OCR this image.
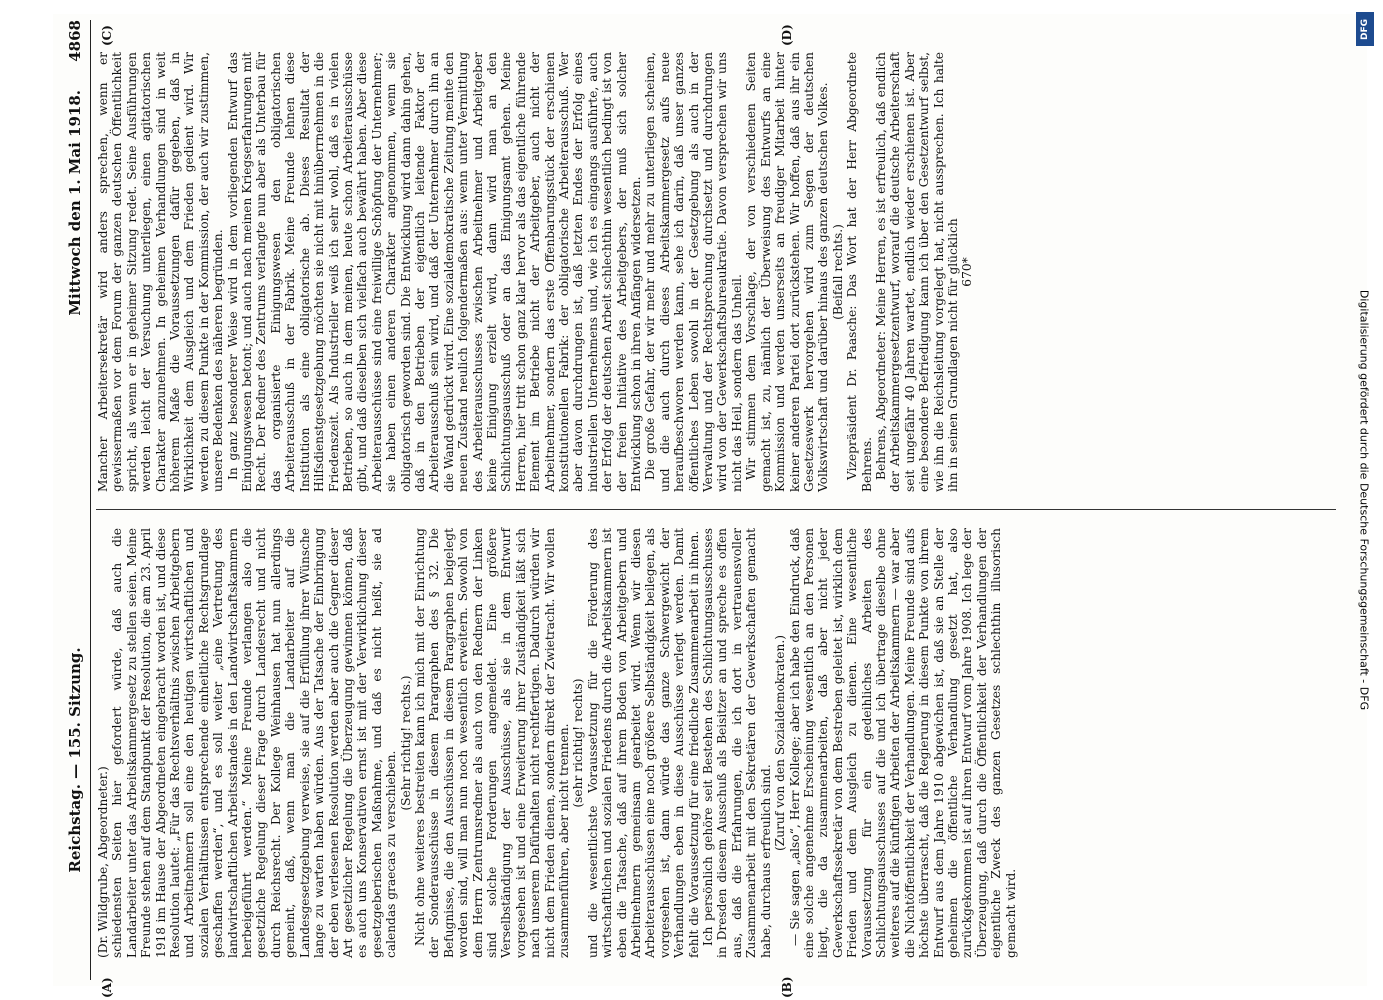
Reichstag. — 155. Sitzung.
Mittwoch den 1. Mai 1918.
4868
(A)	(B)
(C)	(D)

(Dr. Wildgrube, Abgeordneter.) schiedensten Seiten hier gefordert würde, daß auch die Landarbeiter unter das Arbeitskammergesetz zu stellen seien. Meine Freunde stehen auf dem Standpunkt der Resolution, die am 23. April 1918 im Hause der Abgeordneten eingebracht worden ist, und diese Resolution lautet: „Für das Rechtsverhältnis zwischen Arbeitgebern und Arbeitnehmern soll eine den heutigen wirtschaftlichen und sozialen Verhältnissen entsprechende einheitliche Rechtsgrundlage geschaffen werden“, und es soll weiter „eine Vertretung des landwirtschaftlichen Arbeitsstandes in den Landwirtschaftskammern herbeigeführt werden.“ Meine Freunde verlangen also die gesetzliche Regelung dieser Frage durch Landesrecht und nicht durch Reichsrecht. Der Kollege Weinhausen hat nun allerdings gemeint, daß, wenn man die Landarbeiter auf die Landesgesetzgebung verweise, sie auf die Erfüllung ihrer Wünsche lange zu warten haben würden. Aus der Tatsache der Einbringung der eben verlesenen Resolution werden aber auch die Gegner dieser Art gesetzlicher Regelung die Überzeugung gewinnen können, daß es auch uns Konservativen ernst ist mit der Verwirklichung dieser gesetzgeberischen Maßnahme, und daß es nicht heißt, sie ad calendas graecas zu verschieben.

(Sehr richtig! rechts.) Nicht ohne weiteres bestreiten kann ich mich mit der Einrichtung der Sonderausschüsse in diesem Paragraphen des § 32. Die Befugnisse, die den Ausschüssen in diesem Paragraphen beigelegt worden sind, will man nun noch wesentlich erweitern. Sowohl von dem Herrn Zentrumsredner als auch von den Rednern der Linken sind solche Forderungen angemeldet. Eine größere Verselbständigung der Ausschüsse, als sie in dem Entwurf vorgesehen ist und eine Erweiterung ihrer Zuständigkeit läßt sich nach unserem Dafürhalten nicht rechtfertigen. Dadurch würden wir nicht dem Frieden dienen, sondern direkt der Zwietracht. Wir wollen zusammenführen, aber nicht trennen. (sehr richtig! rechts) und die wesentlichste Voraussetzung für die Förderung des wirtschaftlichen und sozialen Friedens durch die Arbeitskammern ist eben die Tatsache, daß auf ihrem Boden von Arbeitgebern und Arbeitnehmern gemeinsam gearbeitet wird. Wenn wir diesen Arbeiterausschüssen eine noch größere Selbständigkeit beilegen, als vorgesehen ist, dann würde das ganze Schwergewicht der Verhandlungen eben in diese Ausschüsse verlegt werden. Damit fehlt die Voraussetzung für eine friedliche Zusammenarbeit in ihnen. Ich persönlich gehöre seit Bestehen des Schlichtungsausschusses in Dresden diesem Ausschuß als Beisitzer an und spreche es offen aus, daß die Erfahrungen, die ich dort in vertrauensvoller Zusammenarbeit mit den Sekretären der Gewerkschaften gemacht habe, durchaus erfreulich sind.

(Zuruf von den Sozialdemokraten.) — Sie sagen „also“, Herr Kollege; aber ich habe den Eindruck, daß eine solche angenehme Erscheinung wesentlich an den Personen liegt, die da zusammenarbeiten, daß aber nicht jeder Gewerkschaftssekretär von dem Bestreben geleitet ist, wirklich dem Frieden und dem Ausgleich zu dienen. Eine wesentliche Voraussetzung für ein gedeihliches Arbeiten des Schlichtungsausschusses auf die und ich übertrage dieselbe ohne weiteres auf die künftigen Arbeiten der Arbeitskammern — war aber die Nichtöffentlichkeit der Verhandlungen. Meine Freunde sind aufs höchste überrascht, daß die Regierung in diesem Punkte von ihrem Entwurf aus dem Jahre 1910 abgewichen ist, daß sie an Stelle der geheimen die öffentliche Verhandlung gesetzt hat, also zurückgekommen ist auf ihren Entwurf vom Jahre 1908. Ich lege der Überzeugung, daß durch die Öffentlichkeit der Verhandlungen der eigentliche Zweck des ganzen Gesetzes schlechthin illusorisch gemacht wird.

Mancher Arbeitersekretär wird anders sprechen, wenn er gewissermaßen vor dem Forum der ganzen deutschen Öffentlichkeit spricht, als wenn er in geheimer Sitzung redet. Seine Ausführungen werden leicht der Versuchung unterliegen, einen agitatorischen Charakter anzunehmen. In geheimen Verhandlungen sind in weit höherem Maße die Voraussetzungen dafür gegeben, daß in Wirklichkeit dem Ausgleich und dem Frieden gedient wird. Wir werden zu diesem Punkte in der Kommission, der auch wir zustimmen, unsere Bedenken des näheren begründen. In ganz besonderer Weise wird in dem vorliegenden Entwurf das Einigungswesen betont; und auch nach meinen Kriegserfahrungen mit Recht. Der Redner des Zentrums verlangte nun aber als Unterbau für das organisierte Einigungswesen den obligatorischen Arbeiterausschuß in der Fabrik. Meine Freunde lehnen diese Institution als eine obligatorische ab. Dieses Resultat der Hilfsdienstgesetzgebung möchten sie nicht mit hinüberrnehmen in die Friedenszeit. Als Industrieller weiß ich sehr wohl, daß es in vielen Betrieben, so auch in dem meinen, heute schon Arbeiterausschüsse gibt, und daß dieselben sich vielfach auch bewährt haben. Aber diese Arbeiterausschüsse sind eine freiwillige Schöpfung der Unternehmer; sie haben einen anderen Charakter angenommen, wenn sie obligatorisch geworden sind. Die Entwicklung wird dann dahin gehen, daß in den Betrieben der eigentlich leitende Faktor der Arbeiterausschuß sein wird, und daß der Unternehmer durch ihn an die Wand gedrückt wird. Eine sozialdemokratische Zeitung meinte den neuen Zustand neulich folgendermaßen aus: wenn unter Vermittlung des Arbeiterausschusses zwischen Arbeitnehmer und Arbeitgeber keine Einigung erzielt wird, dann wird man an den Schlichtungsausschuß oder an das Einigungsamt gehen. Meine Herren, hier tritt schon ganz klar hervor als das eigentliche führende Element im Betriebe nicht der Arbeitgeber, auch nicht der Arbeitnehmer, sondern das erste Offenbarungsstück der erschienen konstitutionellen Fabrik: der obligatorische Arbeiterausschuß. Wer aber davon durchdrungen ist, daß letzten Endes der Erfolg eines industriellen Unternehmens und, wie ich es eingangs ausführte, auch der Erfolg der deutschen Arbeit schlechthin wesentlich bedingt ist von der freien Initiative des Arbeitgebers, der muß sich solcher Entwicklung schon in ihren Anfängen widersetzen. Die große Gefahr, der wir mehr und mehr zu unterliegen scheinen, und die auch durch dieses Arbeitskammergesetz aufs neue heraufbeschworen werden kann, sehe ich darin, daß unser ganzes öffentliches Leben sowohl in der Gesetzgebung als auch in der Verwaltung und der Rechtsprechung durchsetzt und durchdrungen wird von der Gewerkschaftsbureaukratie. Davon versprechen wir uns nicht das Heil, sondern das Unheil. Wir stimmen dem Vorschlage, der von verschiedenen Seiten gemacht ist, zu, nämlich der Überweisung des Entwurfs an eine Kommission und werden unserseits an freudiger Mitarbeit hinter keiner anderen Partei dort zurückstehen. Wir hoffen, daß aus ihr ein Gesetzeswerk hervorgehen wird zum Segen der deutschen Volkswirtschaft und darüber hinaus des ganzen deutschen Volkes. (Beifall rechts.) Vizepräsident Dr. Paasche: Das Wort hat der Herr Abgeordnete Behrens. Behrens, Abgeordneter: Meine Herren, es ist erfreulich, daß endlich der Arbeitskammergesetzentwurf, worauf die deutsche Arbeiterschaft seit ungefähr 40 Jahren wartet, endlich wieder erschienen ist. Aber eine besondere Befriedigung kann ich über den Gesetzentwurf selbst, wie ihn die Reichsleitung vorgelegt hat, nicht aussprechen. Ich halte ihn in seinen Grundlagen nicht für glücklich 670*

Digitalisierung gefördert durch die Deutsche Forschungsgemeinschaft - DFG
DFG
